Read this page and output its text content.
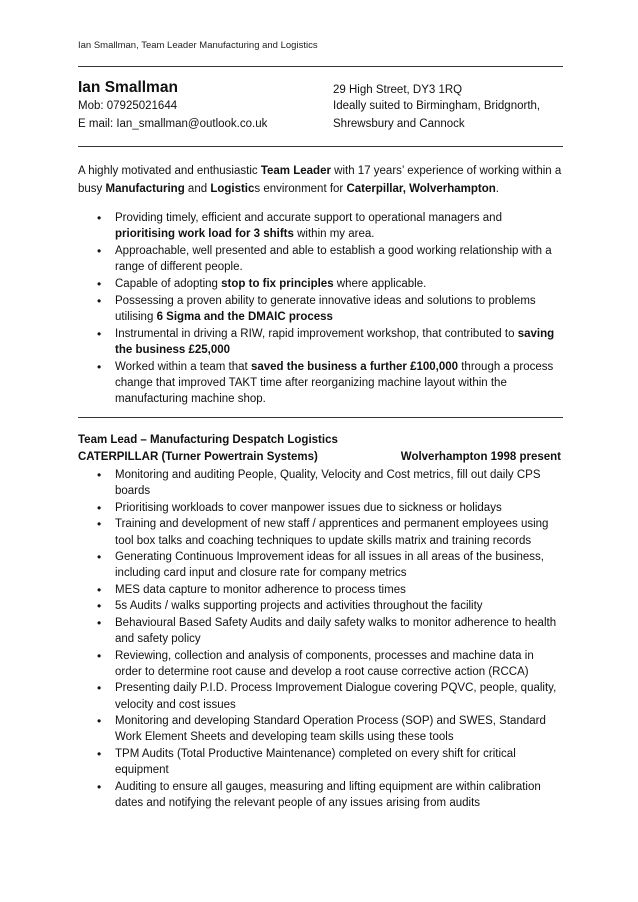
Ian Smallman, Team Leader Manufacturing and Logistics
Ian Smallman
Mob: 07925021644
E mail: Ian_smallman@outlook.co.uk
29 High Street, DY3 1RQ
Ideally suited to Birmingham, Bridgnorth,
Shrewsbury and Cannock

A highly motivated and enthusiastic Team Leader with 17 years’ experience of working within a busy Manufacturing and Logistics environment for Caterpillar, Wolverhampton.

• Providing timely, efficient and accurate support to operational managers and prioritising work load for 3 shifts within my area.
• Approachable, well presented and able to establish a good working relationship with a range of different people.
• Capable of adopting stop to fix principles where applicable.
• Possessing a proven ability to generate innovative ideas and solutions to problems utilising 6 Sigma and the DMAIC process
• Instrumental in driving a RIW, rapid improvement workshop, that contributed to saving the business £25,000
• Worked within a team that saved the business a further £100,000 through a process change that improved TAKT time after reorganizing machine layout within the manufacturing machine shop.
Team Lead – Manufacturing Despatch Logistics
CATERPILLAR (Turner Powertrain Systems)	Wolverhampton 1998 present
• Monitoring and auditing People, Quality, Velocity and Cost metrics, fill out daily CPS boards
• Prioritising workloads to cover manpower issues due to sickness or holidays
• Training and development of new staff / apprentices and permanent employees using tool box talks and coaching techniques to update skills matrix and training records
• Generating Continuous Improvement ideas for all issues in all areas of the business, including card input and closure rate for company metrics
• MES data capture to monitor adherence to process times
• 5s Audits / walks supporting projects and activities throughout the facility
• Behavioural Based Safety Audits and daily safety walks to monitor adherence to health and safety policy
• Reviewing, collection and analysis of components, processes and machine data in order to determine root cause and develop a root cause corrective action (RCCA)
• Presenting daily P.I.D. Process Improvement Dialogue covering PQVC, people, quality, velocity and cost issues
• Monitoring and developing Standard Operation Process (SOP) and SWES, Standard Work Element Sheets and developing team skills using these tools
• TPM Audits (Total Productive Maintenance) completed on every shift for critical equipment
• Auditing to ensure all gauges, measuring and lifting equipment are within calibration dates and notifying the relevant people of any issues arising from audits
